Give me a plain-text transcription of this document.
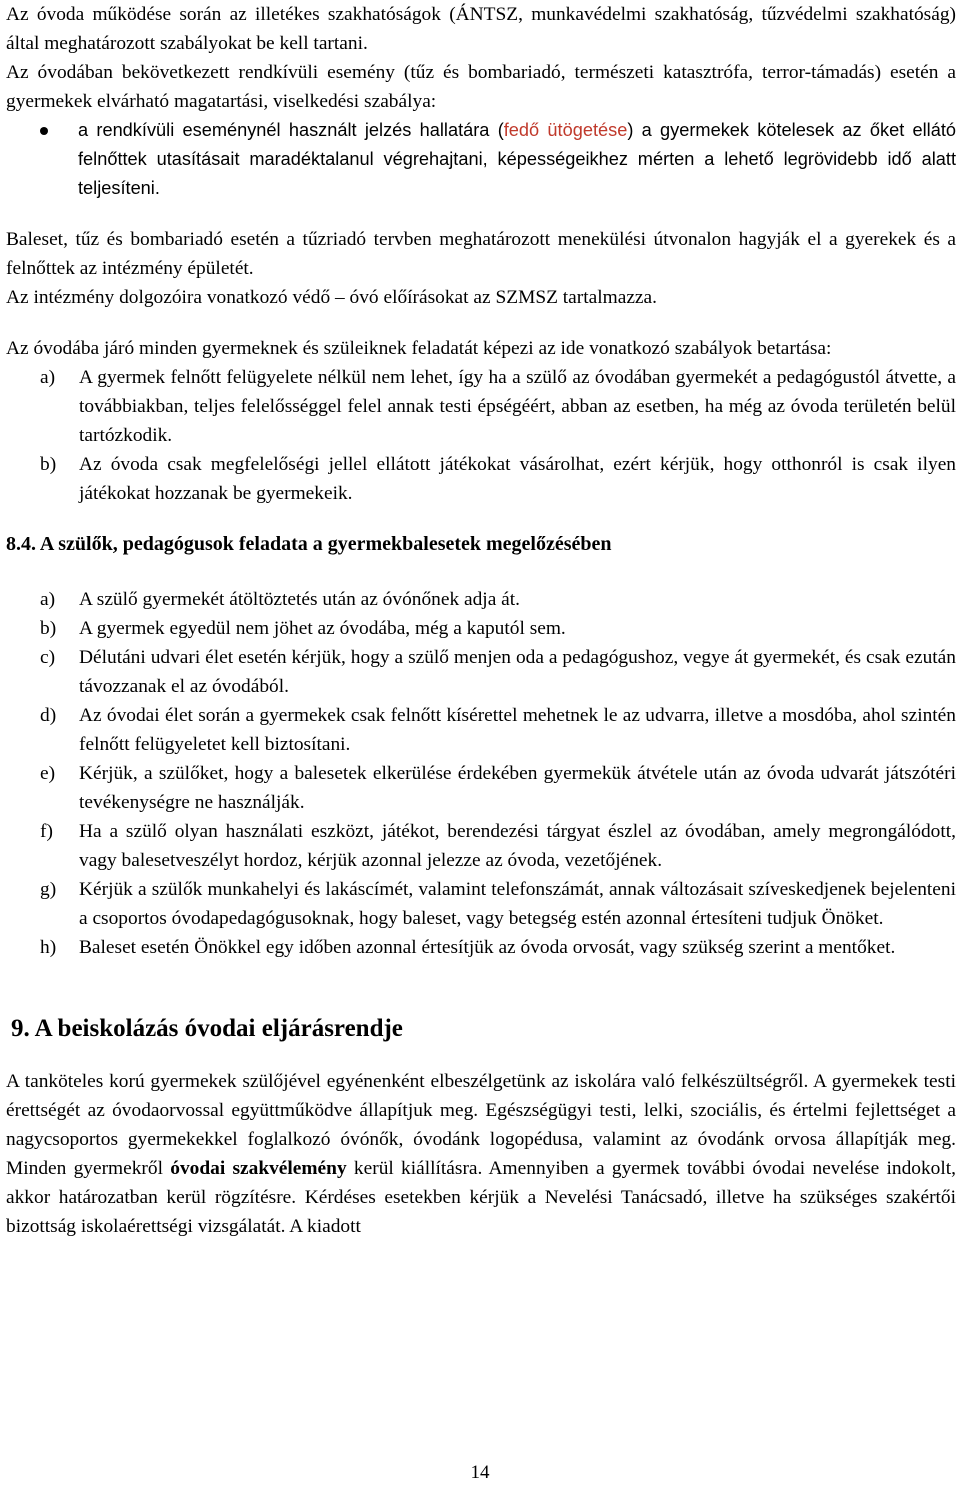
Az óvoda működése során az illetékes szakhatóságok (ÁNTSZ, munkavédelmi szakhatóság, tűzvédelmi szakhatóság) által meghatározott szabályokat be kell tartani.

Az óvodában bekövetkezett rendkívüli esemény (tűz és bombariadó, természeti katasztrófa, terror-támadás) esetén a gyermekek elvárható magatartási, viselkedési szabálya:

a rendkívüli eseménynél használt jelzés hallatára (fedő ütögetése) a gyermekek kötelesek az őket ellátó felnőttek utasításait maradéktalanul végrehajtani, képességeikhez mérten a lehető legrövidebb idő alatt teljesíteni.

Baleset, tűz és bombariadó esetén a tűzriadó tervben meghatározott menekülési útvonalon hagyják el a gyerekek és a felnőttek az intézmény épületét.

Az intézmény dolgozóira vonatkozó védő – óvó előírásokat az SZMSZ tartalmazza.

Az óvodába járó minden gyermeknek és szüleiknek feladatát képezi az ide vonatkozó szabályok betartása:

a) A gyermek felnőtt felügyelete nélkül nem lehet, így ha a szülő az óvodában gyermekét a pedagógustól átvette, a továbbiakban, teljes felelősséggel felel annak testi épségéért, abban az esetben, ha még az óvoda területén belül tartózkodik.
b) Az óvoda csak megfelelőségi jellel ellátott játékokat vásárolhat, ezért kérjük, hogy otthonról is csak ilyen játékokat hozzanak be gyermekeik.

8.4. A szülők, pedagógusok feladata a gyermekbalesetek megelőzésében

a) A szülő gyermekét átöltöztetés után az óvónőnek adja át.
b) A gyermek egyedül nem jöhet az óvodába, még a kaputól sem.
c) Délutáni udvari élet esetén kérjük, hogy a szülő menjen oda a pedagógushoz, vegye át gyermekét, és csak ezután távozzanak el az óvodából.
d) Az óvodai élet során a gyermekek csak felnőtt kísérettel mehetnek le az udvarra, illetve a mosdóba, ahol szintén felnőtt felügyeletet kell biztosítani.
e) Kérjük, a szülőket, hogy a balesetek elkerülése érdekében gyermekük átvétele után az óvoda udvarát játszótéri tevékenységre ne használják.
f) Ha a szülő olyan használati eszközt, játékot, berendezési tárgyat észlel az óvodában, amely megrongálódott, vagy balesetveszélyt hordoz, kérjük azonnal jelezze az óvoda, vezetőjének.
g) Kérjük a szülők munkahelyi és lakáscímét, valamint telefonszámát, annak változásait szíveskedjenek bejelenteni a csoportos óvodapedagógusoknak, hogy baleset, vagy betegség estén azonnal értesíteni tudjuk Önöket.
h) Baleset esetén Önökkel egy időben azonnal értesítjük az óvoda orvosát, vagy szükség szerint a mentőket.

9. A beiskolázás óvodai eljárásrendje

A tanköteles korú gyermekek szülőjével egyénenként elbeszélgetünk az iskolára való felkészültségről. A gyermekek testi érettségét az óvodaorvossal együttműködve állapítjuk meg. Egészségügyi testi, lelki, szociális, és értelmi fejlettséget a nagycsoportos gyermekekkel foglalkozó óvónők, óvodánk logopédusa, valamint az óvodánk orvosa állapítják meg. Minden gyermekről óvodai szakvélemény kerül kiállításra. Amennyiben a gyermek további óvodai nevelése indokolt, akkor határozatban kerül rögzítésre. Kérdéses esetekben kérjük a Nevelési Tanácsadó, illetve ha szükséges szakértői bizottság iskolaérettségi vizsgálatát. A kiadott

14
